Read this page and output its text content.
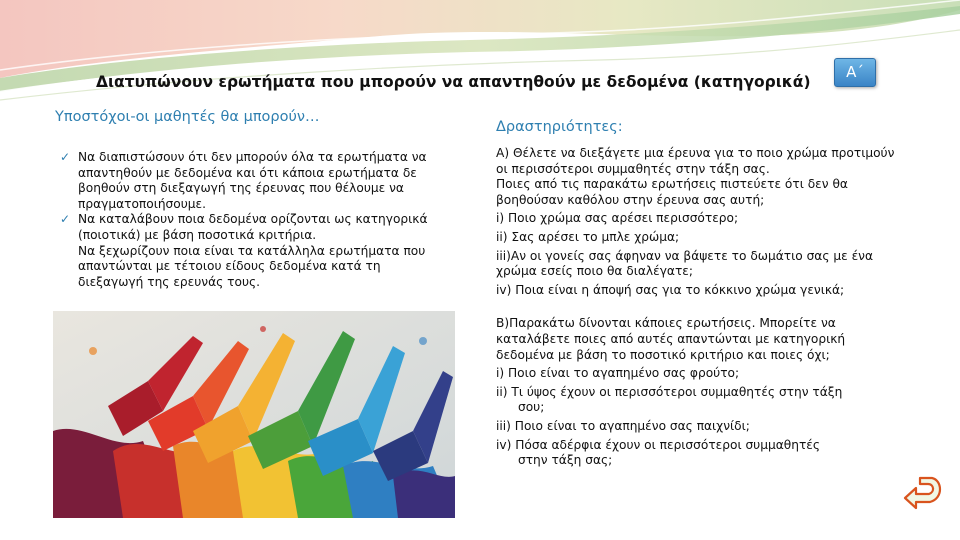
Διατυπώνουν ερωτήματα που μπορούν να απαντηθούν με δεδομένα (κατηγορικά)
Α΄
Υποστόχοι-οι μαθητές θα μπορούν…
✓ Να διαπιστώσουν ότι δεν μπορούν όλα τα ερωτήματα να απαντηθούν με δεδομένα και ότι κάποια ερωτήματα δε βοηθούν στη διεξαγωγή της έρευνας που θέλουμε να πραγματοποιήσουμε.
✓ Να καταλάβουν ποια δεδομένα ορίζονται ως κατηγορικά (ποιοτικά) με βάση ποσοτικά κριτήρια.
Να ξεχωρίζουν ποια είναι τα κατάλληλα ερωτήματα που απαντώνται με τέτοιου είδους δεδομένα κατά τη διεξαγωγή της ερευνάς τους.
Δραστηριότητες:

Α) Θέλετε να διεξάγετε μια έρευνα για το ποιο χρώμα προτιμούν οι περισσότεροι συμμαθητές στην τάξη σας.

Ποιες από τις παρακάτω ερωτήσεις πιστεύετε ότι δεν θα βοηθούσαν καθόλου στην έρευνα σας αυτή;

i) Ποιο χρώμα σας αρέσει περισσότερο;

ii) Σας αρέσει το μπλε χρώμα;

iii)Αν οι γονείς σας άφηναν να βάψετε το δωμάτιο σας με ένα χρώμα εσείς ποιο θα διαλέγατε;

iv) Ποια είναι η άποψή σας για το κόκκινο χρώμα γενικά;

Β)Παρακάτω δίνονται κάποιες ερωτήσεις. Μπορείτε να καταλάβετε ποιες από αυτές απαντώνται με κατηγορική δεδομένα με βάση το ποσοτικό κριτήριο και ποιες όχι;

i) Ποιο είναι το αγαπημένο σας φρούτο;

ii) Τι ύψος έχουν οι περισσότεροι συμμαθητές στην τάξη

σου;

iii) Ποιο είναι το αγαπημένο σας παιχνίδι;

iv) Πόσα αδέρφια έχουν οι περισσότεροι συμμαθητές

στην τάξη σας;
